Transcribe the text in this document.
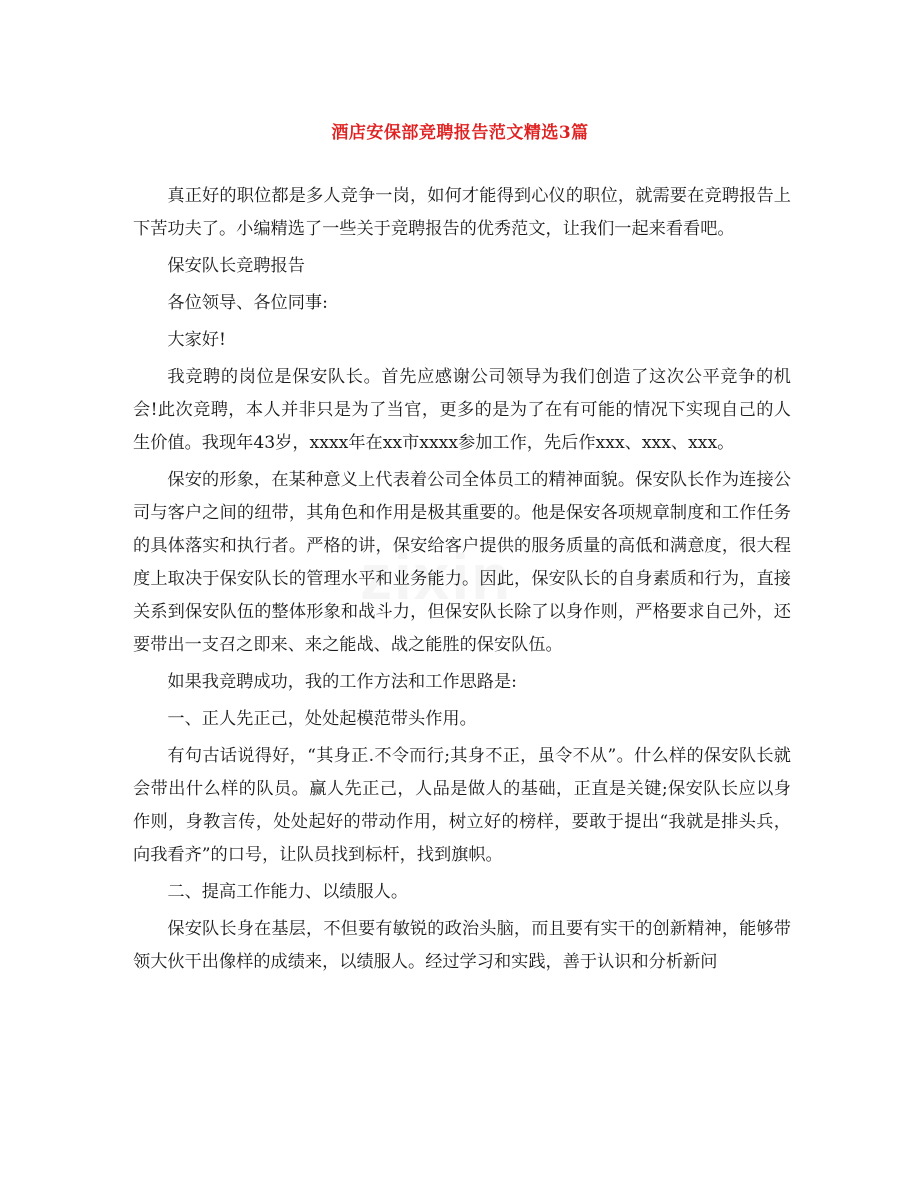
酒店安保部竞聘报告范文精选3篇
zixin

真正好的职位都是多人竞争一岗，如何才能得到心仪的职位，就需要在竞聘报告上下苦功夫了。小编精选了一些关于竞聘报告的优秀范文，让我们一起来看看吧。

保安队长竞聘报告

各位领导、各位同事:

大家好!

我竞聘的岗位是保安队长。首先应感谢公司领导为我们创造了这次公平竞争的机会!此次竞聘，本人并非只是为了当官，更多的是为了在有可能的情况下实现自己的人生价值。我现年43岁，xxxx年在xx市xxxx参加工作，先后作xxx、xxx、xxx。

保安的形象，在某种意义上代表着公司全体员工的精神面貌。保安队长作为连接公司与客户之间的纽带，其角色和作用是极其重要的。他是保安各项规章制度和工作任务的具体落实和执行者。严格的讲，保安给客户提供的服务质量的高低和满意度，很大程度上取决于保安队长的管理水平和业务能力。因此，保安队长的自身素质和行为，直接关系到保安队伍的整体形象和战斗力，但保安队长除了以身作则，严格要求自己外，还要带出一支召之即来、来之能战、战之能胜的保安队伍。

如果我竞聘成功，我的工作方法和工作思路是:

一、正人先正己，处处起模范带头作用。

有句古话说得好，“其身正.不令而行;其身不正，虽令不从”。什么样的保安队长就会带出什么样的队员。赢人先正己，人品是做人的基础，正直是关键;保安队长应以身作则，身教言传，处处起好的带动作用，树立好的榜样，要敢于提出“我就是排头兵，向我看齐”的口号，让队员找到标杆，找到旗帜。

二、提高工作能力、以绩服人。

保安队长身在基层，不但要有敏锐的政治头脑，而且要有实干的创新精神，能够带领大伙干出像样的成绩来，以绩服人。经过学习和实践，善于认识和分析新问
